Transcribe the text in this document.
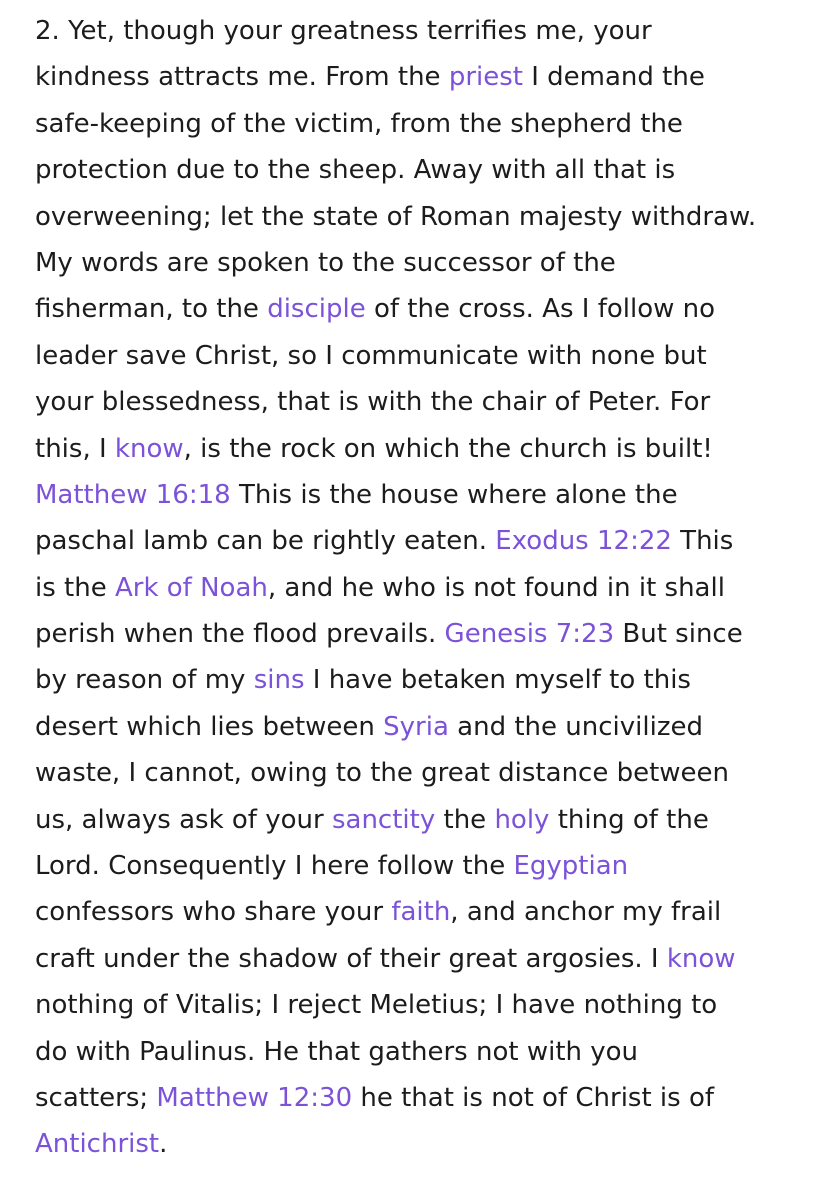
2. Yet, though your greatness terrifies me, your
kindness attracts me. From the priest I demand the
safe-keeping of the victim, from the shepherd the
protection due to the sheep. Away with all that is
overweening; let the state of Roman majesty withdraw.
My words are spoken to the successor of the
fisherman, to the disciple of the cross. As I follow no
leader save Christ, so I communicate with none but
your blessedness, that is with the chair of Peter. For
this, I know, is the rock on which the church is built!
Matthew 16:18 This is the house where alone the
paschal lamb can be rightly eaten. Exodus 12:22 This
is the Ark of Noah, and he who is not found in it shall
perish when the flood prevails. Genesis 7:23 But since
by reason of my sins I have betaken myself to this
desert which lies between Syria and the uncivilized
waste, I cannot, owing to the great distance between
us, always ask of your sanctity the holy thing of the
Lord. Consequently I here follow the Egyptian
confessors who share your faith, and anchor my frail
craft under the shadow of their great argosies. I know
nothing of Vitalis; I reject Meletius; I have nothing to
do with Paulinus. He that gathers not with you
scatters; Matthew 12:30 he that is not of Christ is of
Antichrist.
